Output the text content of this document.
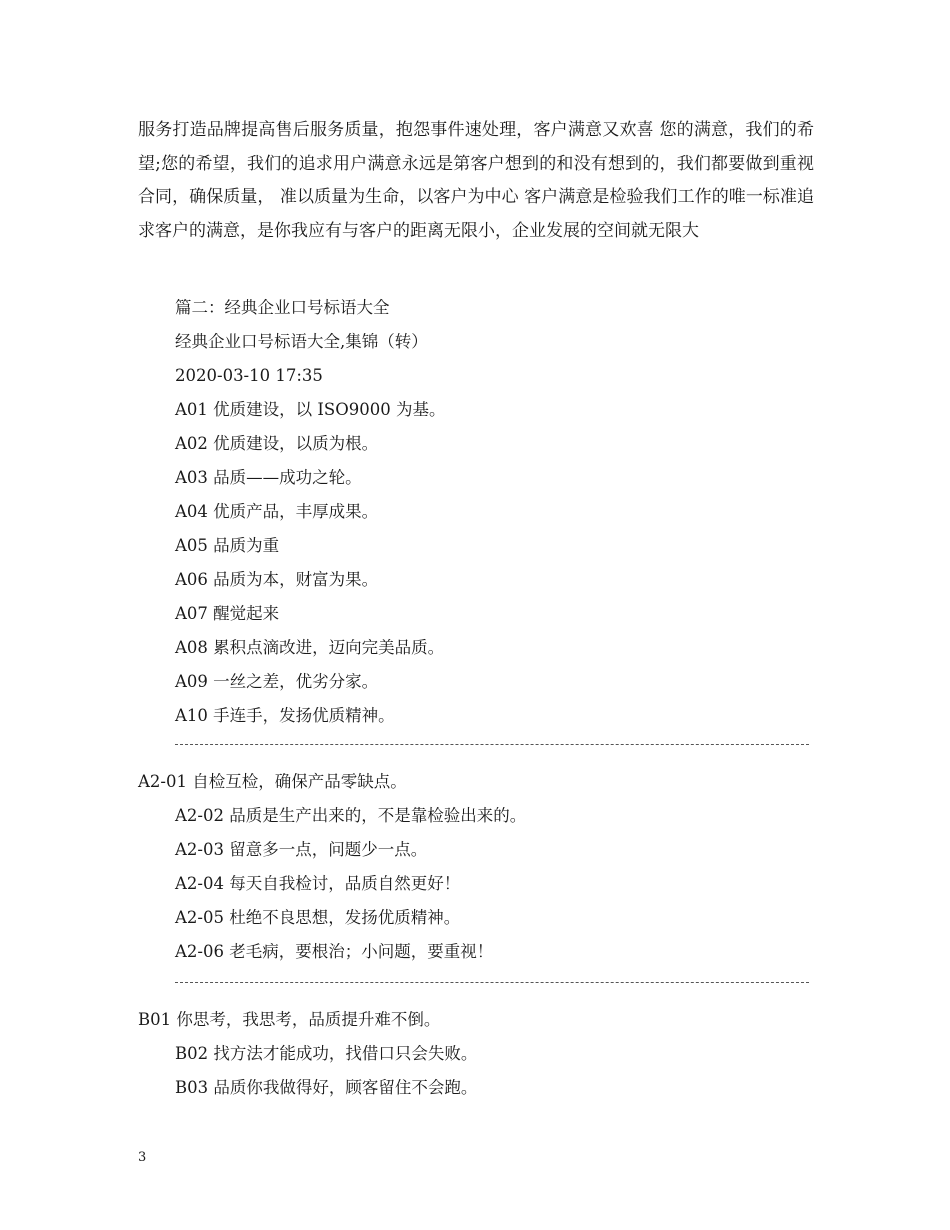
服务打造品牌提高售后服务质量，抱怨事件速处理，客户满意又欢喜 您的满意，我们的希望;您的希望，我们的追求用户满意永远是第客户想到的和没有想到的，我们都要做到重视合同，确保质量， 准以质量为生命，以客户为中心 客户满意是检验我们工作的唯一标准追求客户的满意，是你我应有与客户的距离无限小，企业发展的空间就无限大

篇二：经典企业口号标语大全
经典企业口号标语大全,集锦（转）
2020-03-10 17:35
A01 优质建设，以 ISO9000 为基。
A02 优质建设，以质为根。
A03 品质——成功之轮。
A04 优质产品，丰厚成果。
A05 品质为重
A06 品质为本，财富为果。
A07 醒觉起来
A08 累积点滴改进，迈向完美品质。
A09 一丝之差，优劣分家。
A10 手连手，发扬优质精神。
A2-01 自检互检，确保产品零缺点。
A2-02 品质是生产出来的，不是靠检验出来的。
A2-03 留意多一点，问题少一点。
A2-04 每天自我检讨，品质自然更好！
A2-05 杜绝不良思想，发扬优质精神。
A2-06 老毛病，要根治；小问题，要重视！
B01 你思考，我思考，品质提升难不倒。
B02 找方法才能成功，找借口只会失败。
B03 品质你我做得好，顾客留住不会跑。
3
